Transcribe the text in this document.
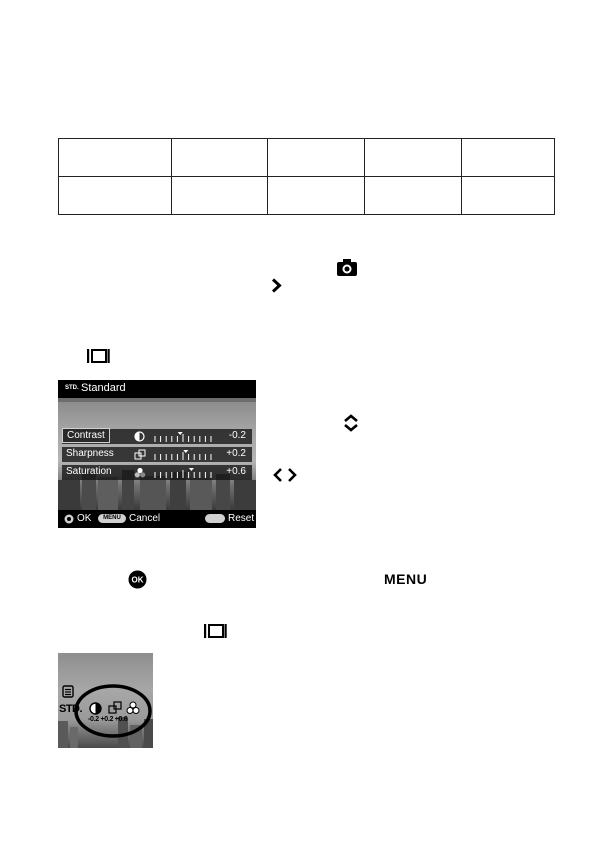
STD. Standard
Contrast	-0.2
Sharpness	+0.2
Saturation	+0.6
OK	MENU Cancel	Reset
OK	MENU
STD.
-0.2 +0.2 +0.6
